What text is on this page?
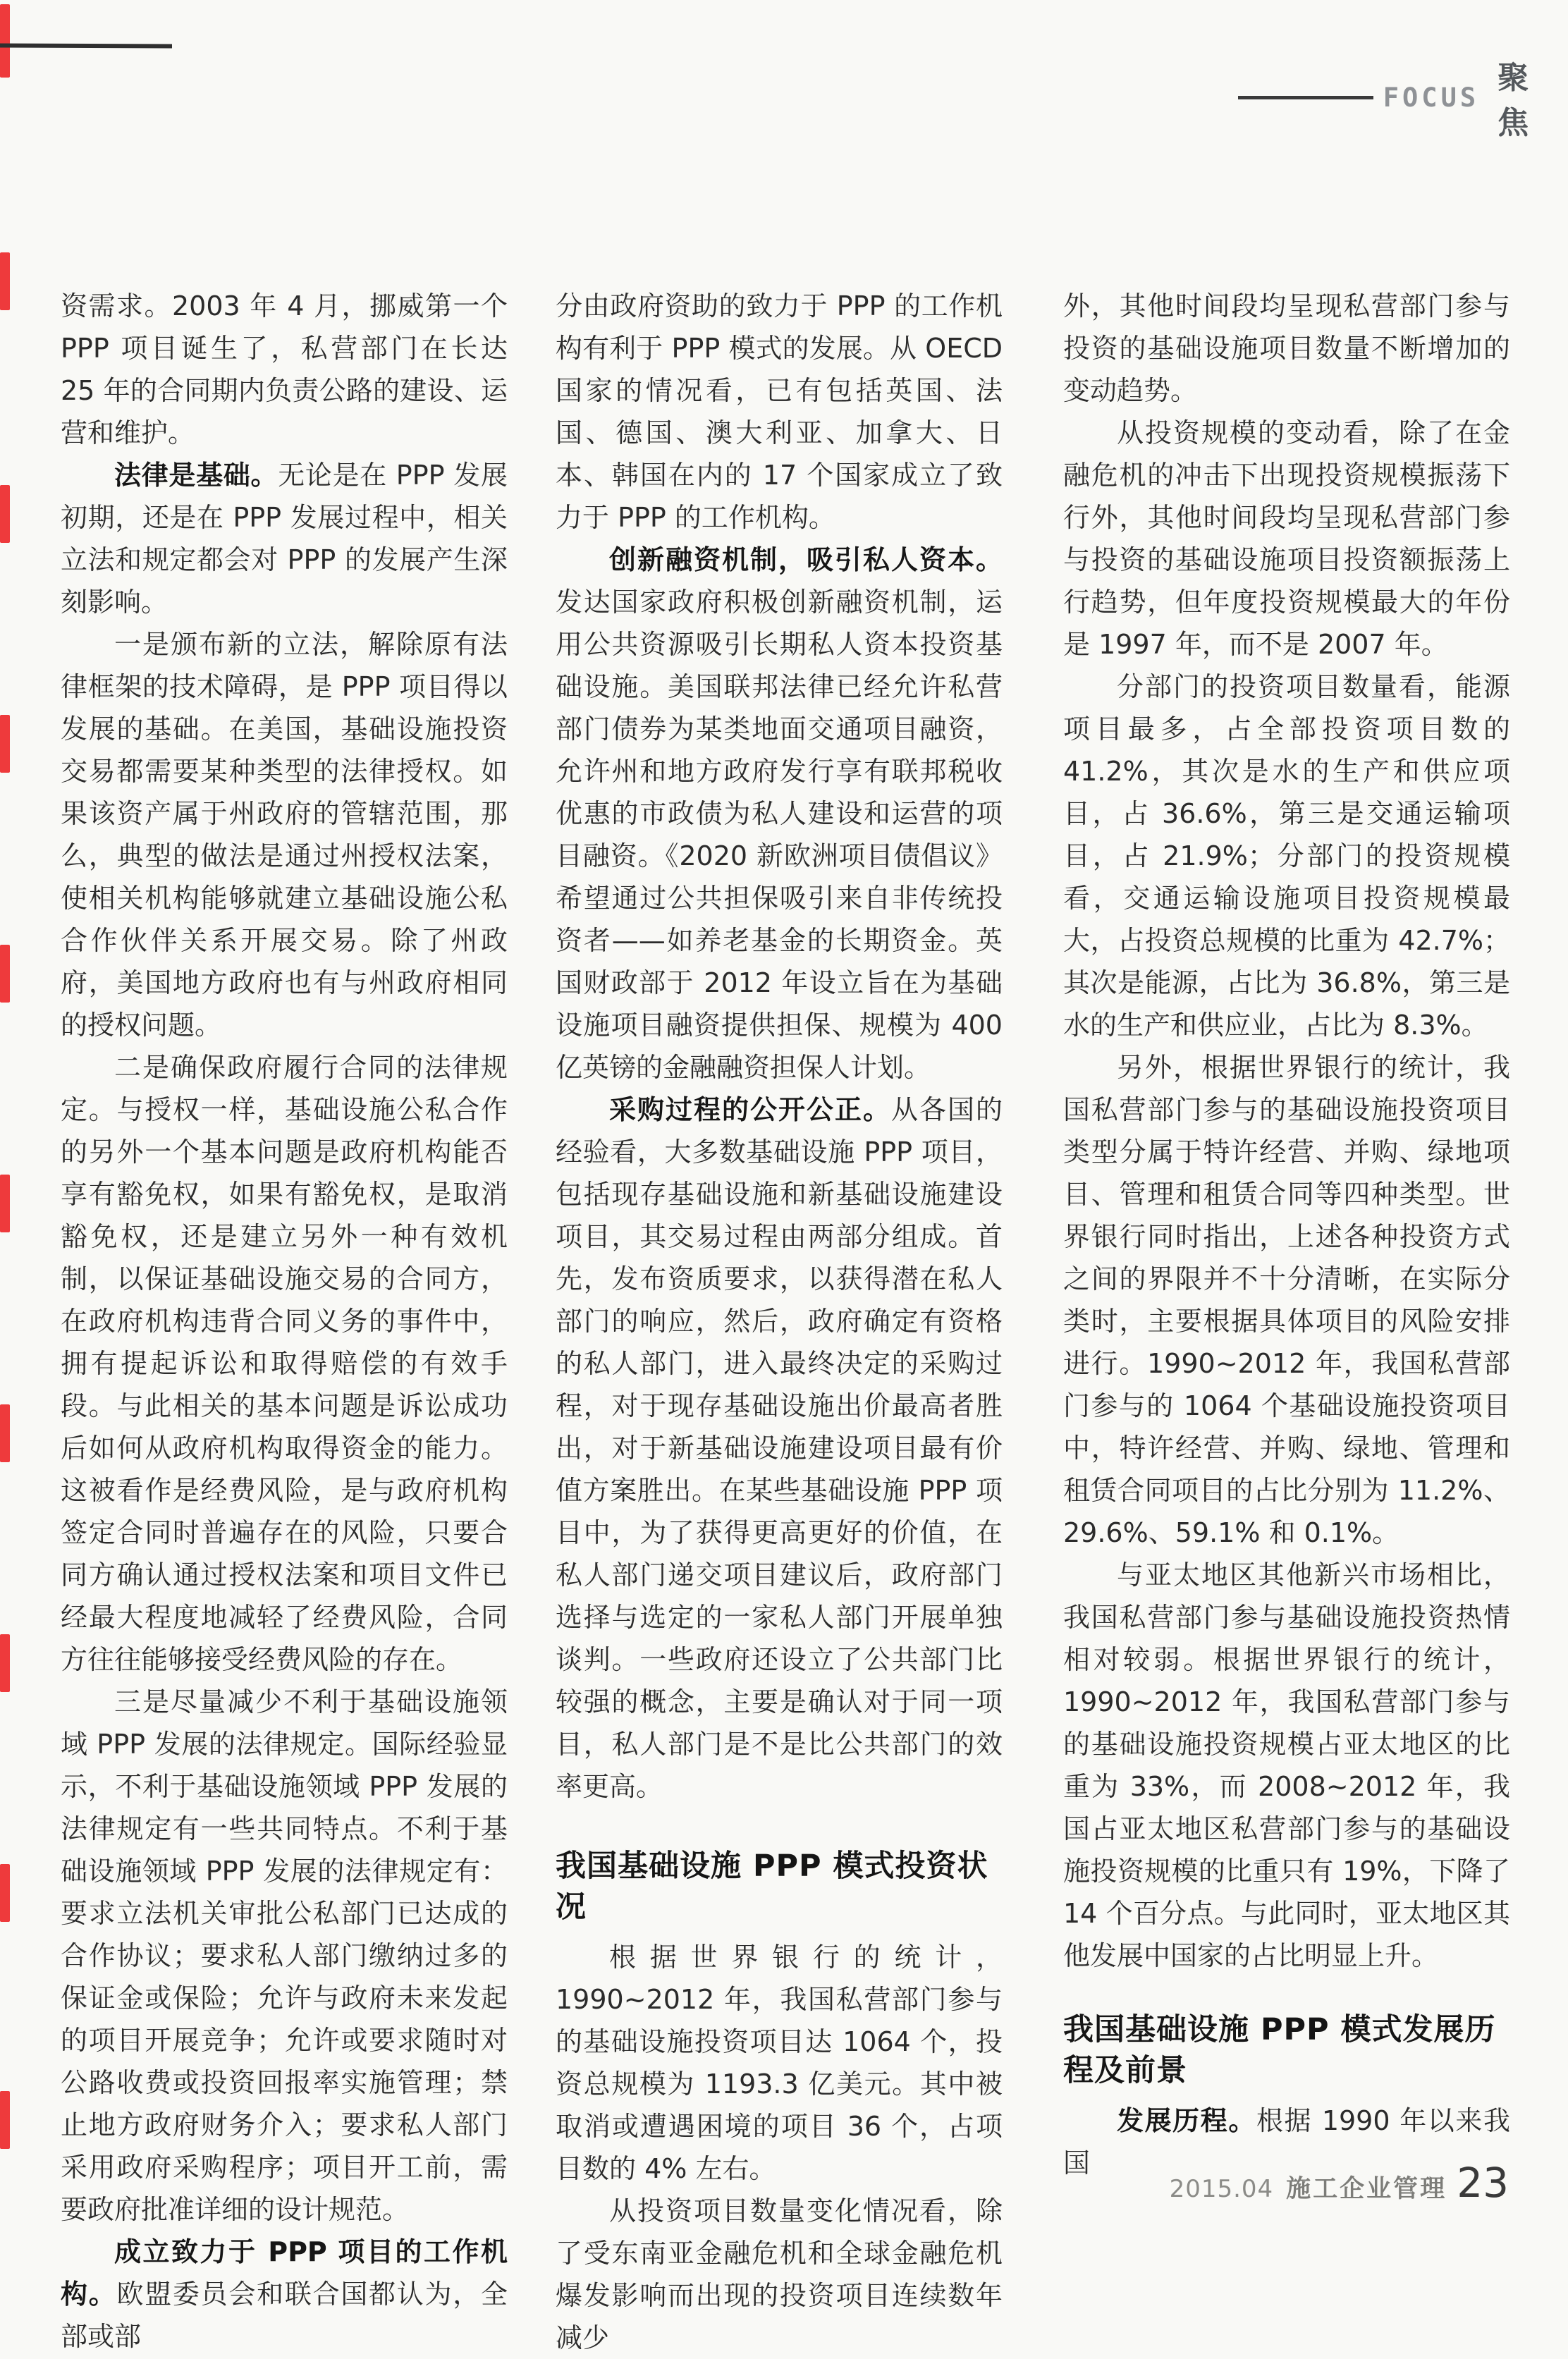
FOCUS
聚焦

资需求。2003 年 4 月，挪威第一个 PPP 项目诞生了，私营部门在长达 25 年的合同期内负责公路的建设、运营和维护。

法律是基础。无论是在 PPP 发展初期，还是在 PPP 发展过程中，相关立法和规定都会对 PPP 的发展产生深刻影响。

一是颁布新的立法，解除原有法律框架的技术障碍，是 PPP 项目得以发展的基础。在美国，基础设施投资交易都需要某种类型的法律授权。如果该资产属于州政府的管辖范围，那么，典型的做法是通过州授权法案，使相关机构能够就建立基础设施公私合作伙伴关系开展交易。除了州政府，美国地方政府也有与州政府相同的授权问题。

二是确保政府履行合同的法律规定。与授权一样，基础设施公私合作的另外一个基本问题是政府机构能否享有豁免权，如果有豁免权，是取消豁免权，还是建立另外一种有效机制，以保证基础设施交易的合同方，在政府机构违背合同义务的事件中，拥有提起诉讼和取得赔偿的有效手段。与此相关的基本问题是诉讼成功后如何从政府机构取得资金的能力。这被看作是经费风险，是与政府机构签定合同时普遍存在的风险，只要合同方确认通过授权法案和项目文件已经最大程度地减轻了经费风险，合同方往往能够接受经费风险的存在。

三是尽量减少不利于基础设施领域 PPP 发展的法律规定。国际经验显示，不利于基础设施领域 PPP 发展的法律规定有一些共同特点。不利于基础设施领域 PPP 发展的法律规定有：要求立法机关审批公私部门已达成的合作协议；要求私人部门缴纳过多的保证金或保险；允许与政府未来发起的项目开展竞争；允许或要求随时对公路收费或投资回报率实施管理；禁止地方政府财务介入；要求私人部门采用政府采购程序；项目开工前，需要政府批准详细的设计规范。

成立致力于 PPP 项目的工作机构。欧盟委员会和联合国都认为，全部或部

分由政府资助的致力于 PPP 的工作机构有利于 PPP 模式的发展。从 OECD 国家的情况看，已有包括英国、法国、德国、澳大利亚、加拿大、日本、韩国在内的 17 个国家成立了致力于 PPP 的工作机构。

创新融资机制，吸引私人资本。发达国家政府积极创新融资机制，运用公共资源吸引长期私人资本投资基础设施。美国联邦法律已经允许私营部门债券为某类地面交通项目融资，允许州和地方政府发行享有联邦税收优惠的市政债为私人建设和运营的项目融资。《2020 新欧洲项目债倡议》希望通过公共担保吸引来自非传统投资者——如养老基金的长期资金。英国财政部于 2012 年设立旨在为基础设施项目融资提供担保、规模为 400 亿英镑的金融融资担保人计划。

采购过程的公开公正。从各国的经验看，大多数基础设施 PPP 项目，包括现存基础设施和新基础设施建设项目，其交易过程由两部分组成。首先，发布资质要求，以获得潜在私人部门的响应，然后，政府确定有资格的私人部门，进入最终决定的采购过程，对于现存基础设施出价最高者胜出，对于新基础设施建设项目最有价值方案胜出。在某些基础设施 PPP 项目中，为了获得更高更好的价值，在私人部门递交项目建议后，政府部门选择与选定的一家私人部门开展单独谈判。一些政府还设立了公共部门比较强的概念，主要是确认对于同一项目，私人部门是不是比公共部门的效率更高。

我国基础设施 PPP 模式投资状况

根据世界银行的统计，1990~2012 年，我国私营部门参与的基础设施投资项目达 1064 个，投资总规模为 1193.3 亿美元。其中被取消或遭遇困境的项目 36 个，占项目数的 4% 左右。

从投资项目数量变化情况看，除了受东南亚金融危机和全球金融危机爆发影响而出现的投资项目连续数年减少

外，其他时间段均呈现私营部门参与投资的基础设施项目数量不断增加的变动趋势。

从投资规模的变动看，除了在金融危机的冲击下出现投资规模振荡下行外，其他时间段均呈现私营部门参与投资的基础设施项目投资额振荡上行趋势，但年度投资规模最大的年份是 1997 年，而不是 2007 年。

分部门的投资项目数量看，能源项目最多，占全部投资项目数的 41.2%，其次是水的生产和供应项目，占 36.6%，第三是交通运输项目，占 21.9%；分部门的投资规模看，交通运输设施项目投资规模最大，占投资总规模的比重为 42.7%；其次是能源，占比为 36.8%，第三是水的生产和供应业，占比为 8.3%。

另外，根据世界银行的统计，我国私营部门参与的基础设施投资项目类型分属于特许经营、并购、绿地项目、管理和租赁合同等四种类型。世界银行同时指出，上述各种投资方式之间的界限并不十分清晰，在实际分类时，主要根据具体项目的风险安排进行。1990~2012 年，我国私营部门参与的 1064 个基础设施投资项目中，特许经营、并购、绿地、管理和租赁合同项目的占比分别为 11.2%、29.6%、59.1% 和 0.1%。

与亚太地区其他新兴市场相比，我国私营部门参与基础设施投资热情相对较弱。根据世界银行的统计，1990~2012 年，我国私营部门参与的基础设施投资规模占亚太地区的比重为 33%，而 2008~2012 年，我国占亚太地区私营部门参与的基础设施投资规模的比重只有 19%，下降了 14 个百分点。与此同时，亚太地区其他发展中国家的占比明显上升。

我国基础设施 PPP 模式发展历程及前景

发展历程。根据 1990 年以来我国

2015.04 施工企业管理 23
